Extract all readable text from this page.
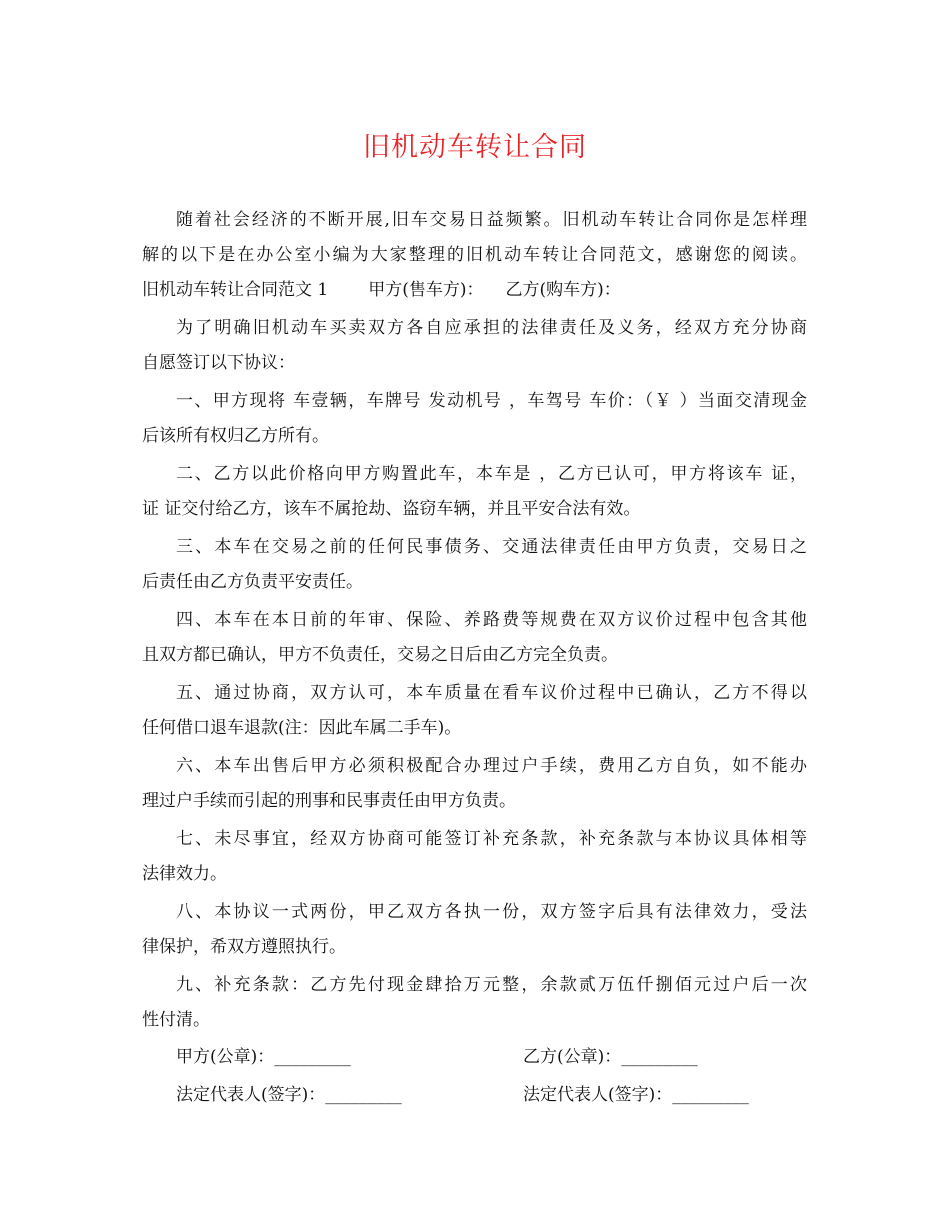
旧机动车转让合同
随着社会经济的不断开展,旧车交易日益频繁。旧机动车转让合同你是怎样理
解的以下是在办公室小编为大家整理的旧机动车转让合同范文，感谢您的阅读。
旧机动车转让合同范文 1 甲方(售车方)： 乙方(购车方)：
为了明确旧机动车买卖双方各自应承担的法律责任及义务，经双方充分协商
自愿签订以下协议：
一、甲方现将 车壹辆，车牌号 发动机号 ，车驾号 车价：（￥ ）当面交清现金
后该所有权归乙方所有。
二、乙方以此价格向甲方购置此车，本车是 ，乙方已认可，甲方将该车 证，
证 证交付给乙方，该车不属抢劫、盗窃车辆，并且平安合法有效。
三、本车在交易之前的任何民事债务、交通法律责任由甲方负责，交易日之
后责任由乙方负责平安责任。
四、本车在本日前的年审、保险、养路费等规费在双方议价过程中包含其他
且双方都已确认，甲方不负责任，交易之日后由乙方完全负责。
五、通过协商，双方认可，本车质量在看车议价过程中已确认，乙方不得以
任何借口退车退款(注：因此车属二手车)。
六、本车出售后甲方必须积极配合办理过户手续，费用乙方自负，如不能办
理过户手续而引起的刑事和民事责任由甲方负责。
七、未尽事宜，经双方协商可能签订补充条款，补充条款与本协议具体相等
法律效力。
八、本协议一式两份，甲乙双方各执一份，双方签字后具有法律效力，受法
律保护，希双方遵照执行。
九、补充条款：乙方先付现金肆拾万元整，余款贰万伍仟捌佰元过户后一次
性付清。
甲方(公章)：_________	乙方(公章)：_________
法定代表人(签字)：_________	法定代表人(签字)：_________
